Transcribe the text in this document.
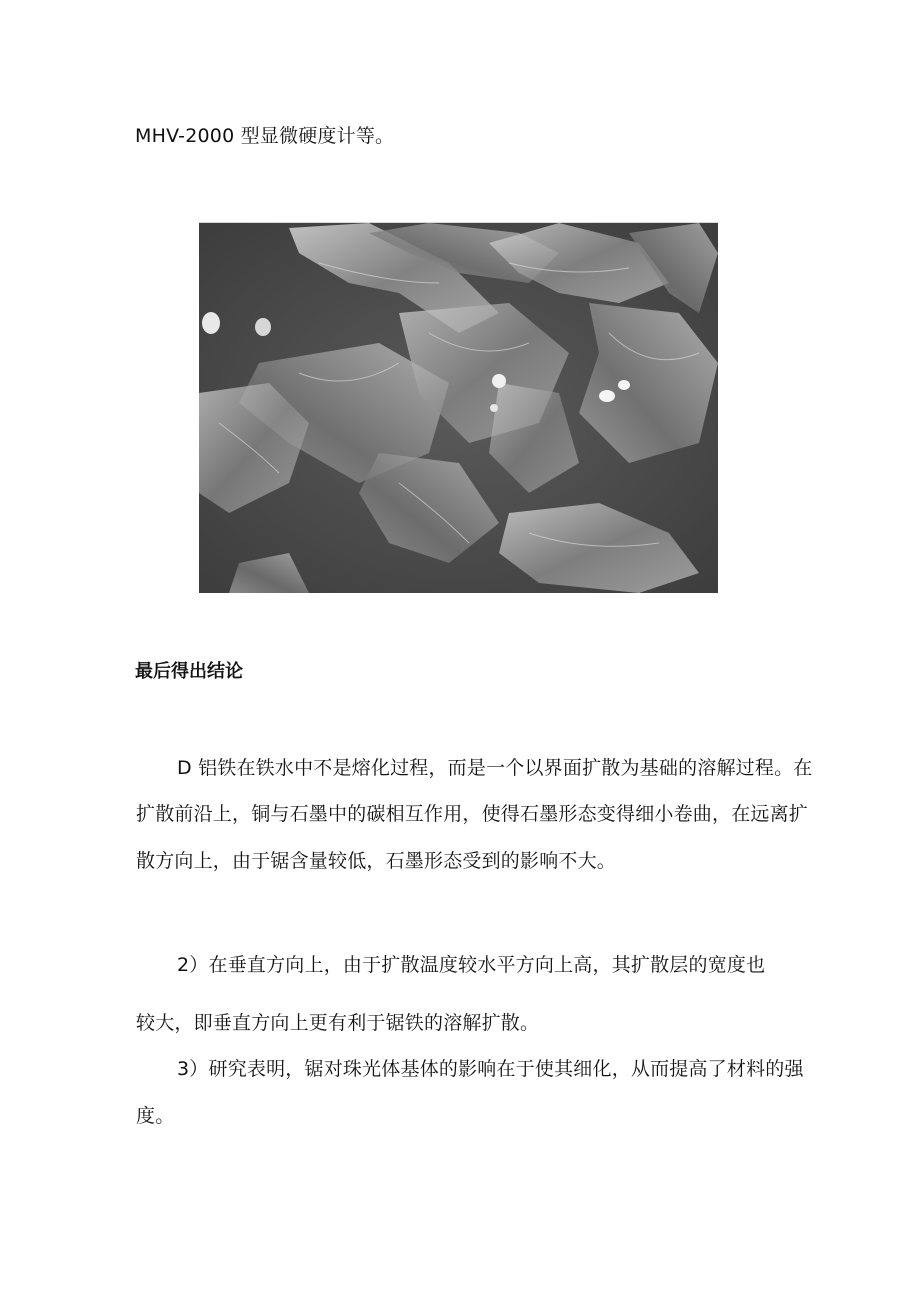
MHV-2000 型显微硬度计等。
最后得出结论
D 铝铁在铁水中不是熔化过程，而是一个以界面扩散为基础的溶解过程。在
扩散前沿上，铜与石墨中的碳相互作用，使得石墨形态变得细小卷曲，在远离扩
散方向上，由于锯含量较低，石墨形态受到的影响不大。
2）在垂直方向上，由于扩散温度较水平方向上高，其扩散层的宽度也
较大，即垂直方向上更有利于锯铁的溶解扩散。
3）研究表明，锯对珠光体基体的影响在于使其细化，从而提高了材料的强
度。
